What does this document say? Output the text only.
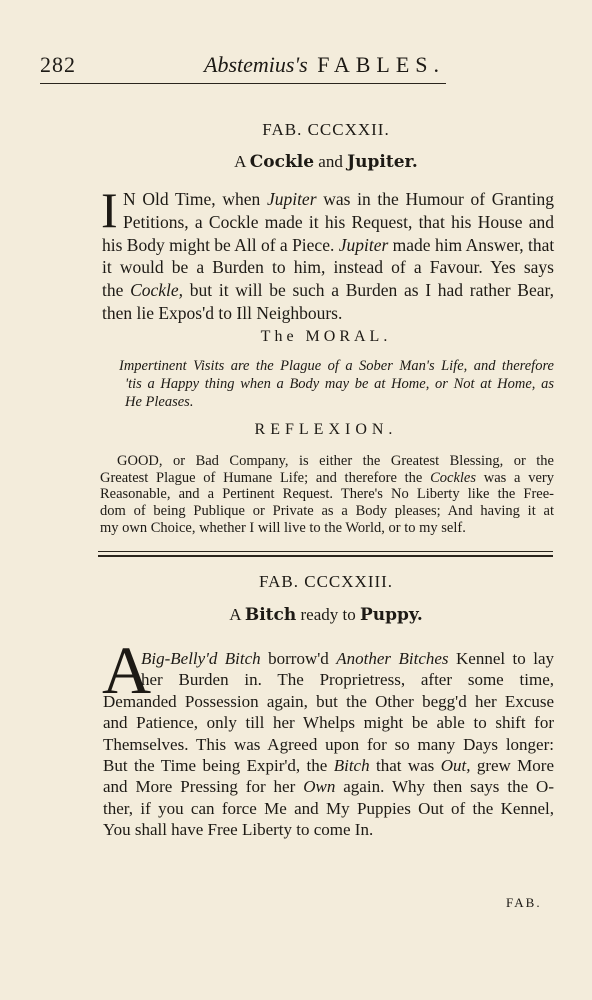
282	Abstemius's FABLES.
FAB. CCCXXII.
A Cockle and Jupiter.
I N Old Time, when Jupiter was in the Humour of Granting
Petitions, a Cockle made it his Request, that his House and
his Body might be All of a Piece. Jupiter made him Answer, that
it would be a Burden to him, instead of a Favour. Yes says
the Cockle, but it will be such a Burden as I had rather Bear,
then lie Expos'd to Ill Neighbours.
The MORAL.
Impertinent Visits are the Plague of a Sober Man's Life, and therefore
'tis a Happy thing when a Body may be at Home, or Not at Home, as
He Pleases.
REFLEXION.
GOOD, or Bad Company, is either the Greatest Blessing, or the
Greatest Plague of Humane Life; and therefore the Cockles was a very
Reasonable, and a Pertinent Request. There's No Liberty like the Free-
dom of being Publique or Private as a Body pleases; And having it at
my own Choice, whether I will live to the World, or to my self.
FAB. CCCXXIII.
A Bitch ready to Puppy.
A
Big-Belly'd Bitch borrow'd Another Bitches Kennel to lay
her Burden in. The Proprietress, after some time,
Demanded Possession again, but the Other begg'd her Excuse
and Patience, only till her Whelps might be able to shift for
Themselves. This was Agreed upon for so many Days longer:
But the Time being Expir'd, the Bitch that was Out, grew More
and More Pressing for her Own again. Why then says the O-
ther, if you can force Me and My Puppies Out of the Kennel,
You shall have Free Liberty to come In.
FAB.
